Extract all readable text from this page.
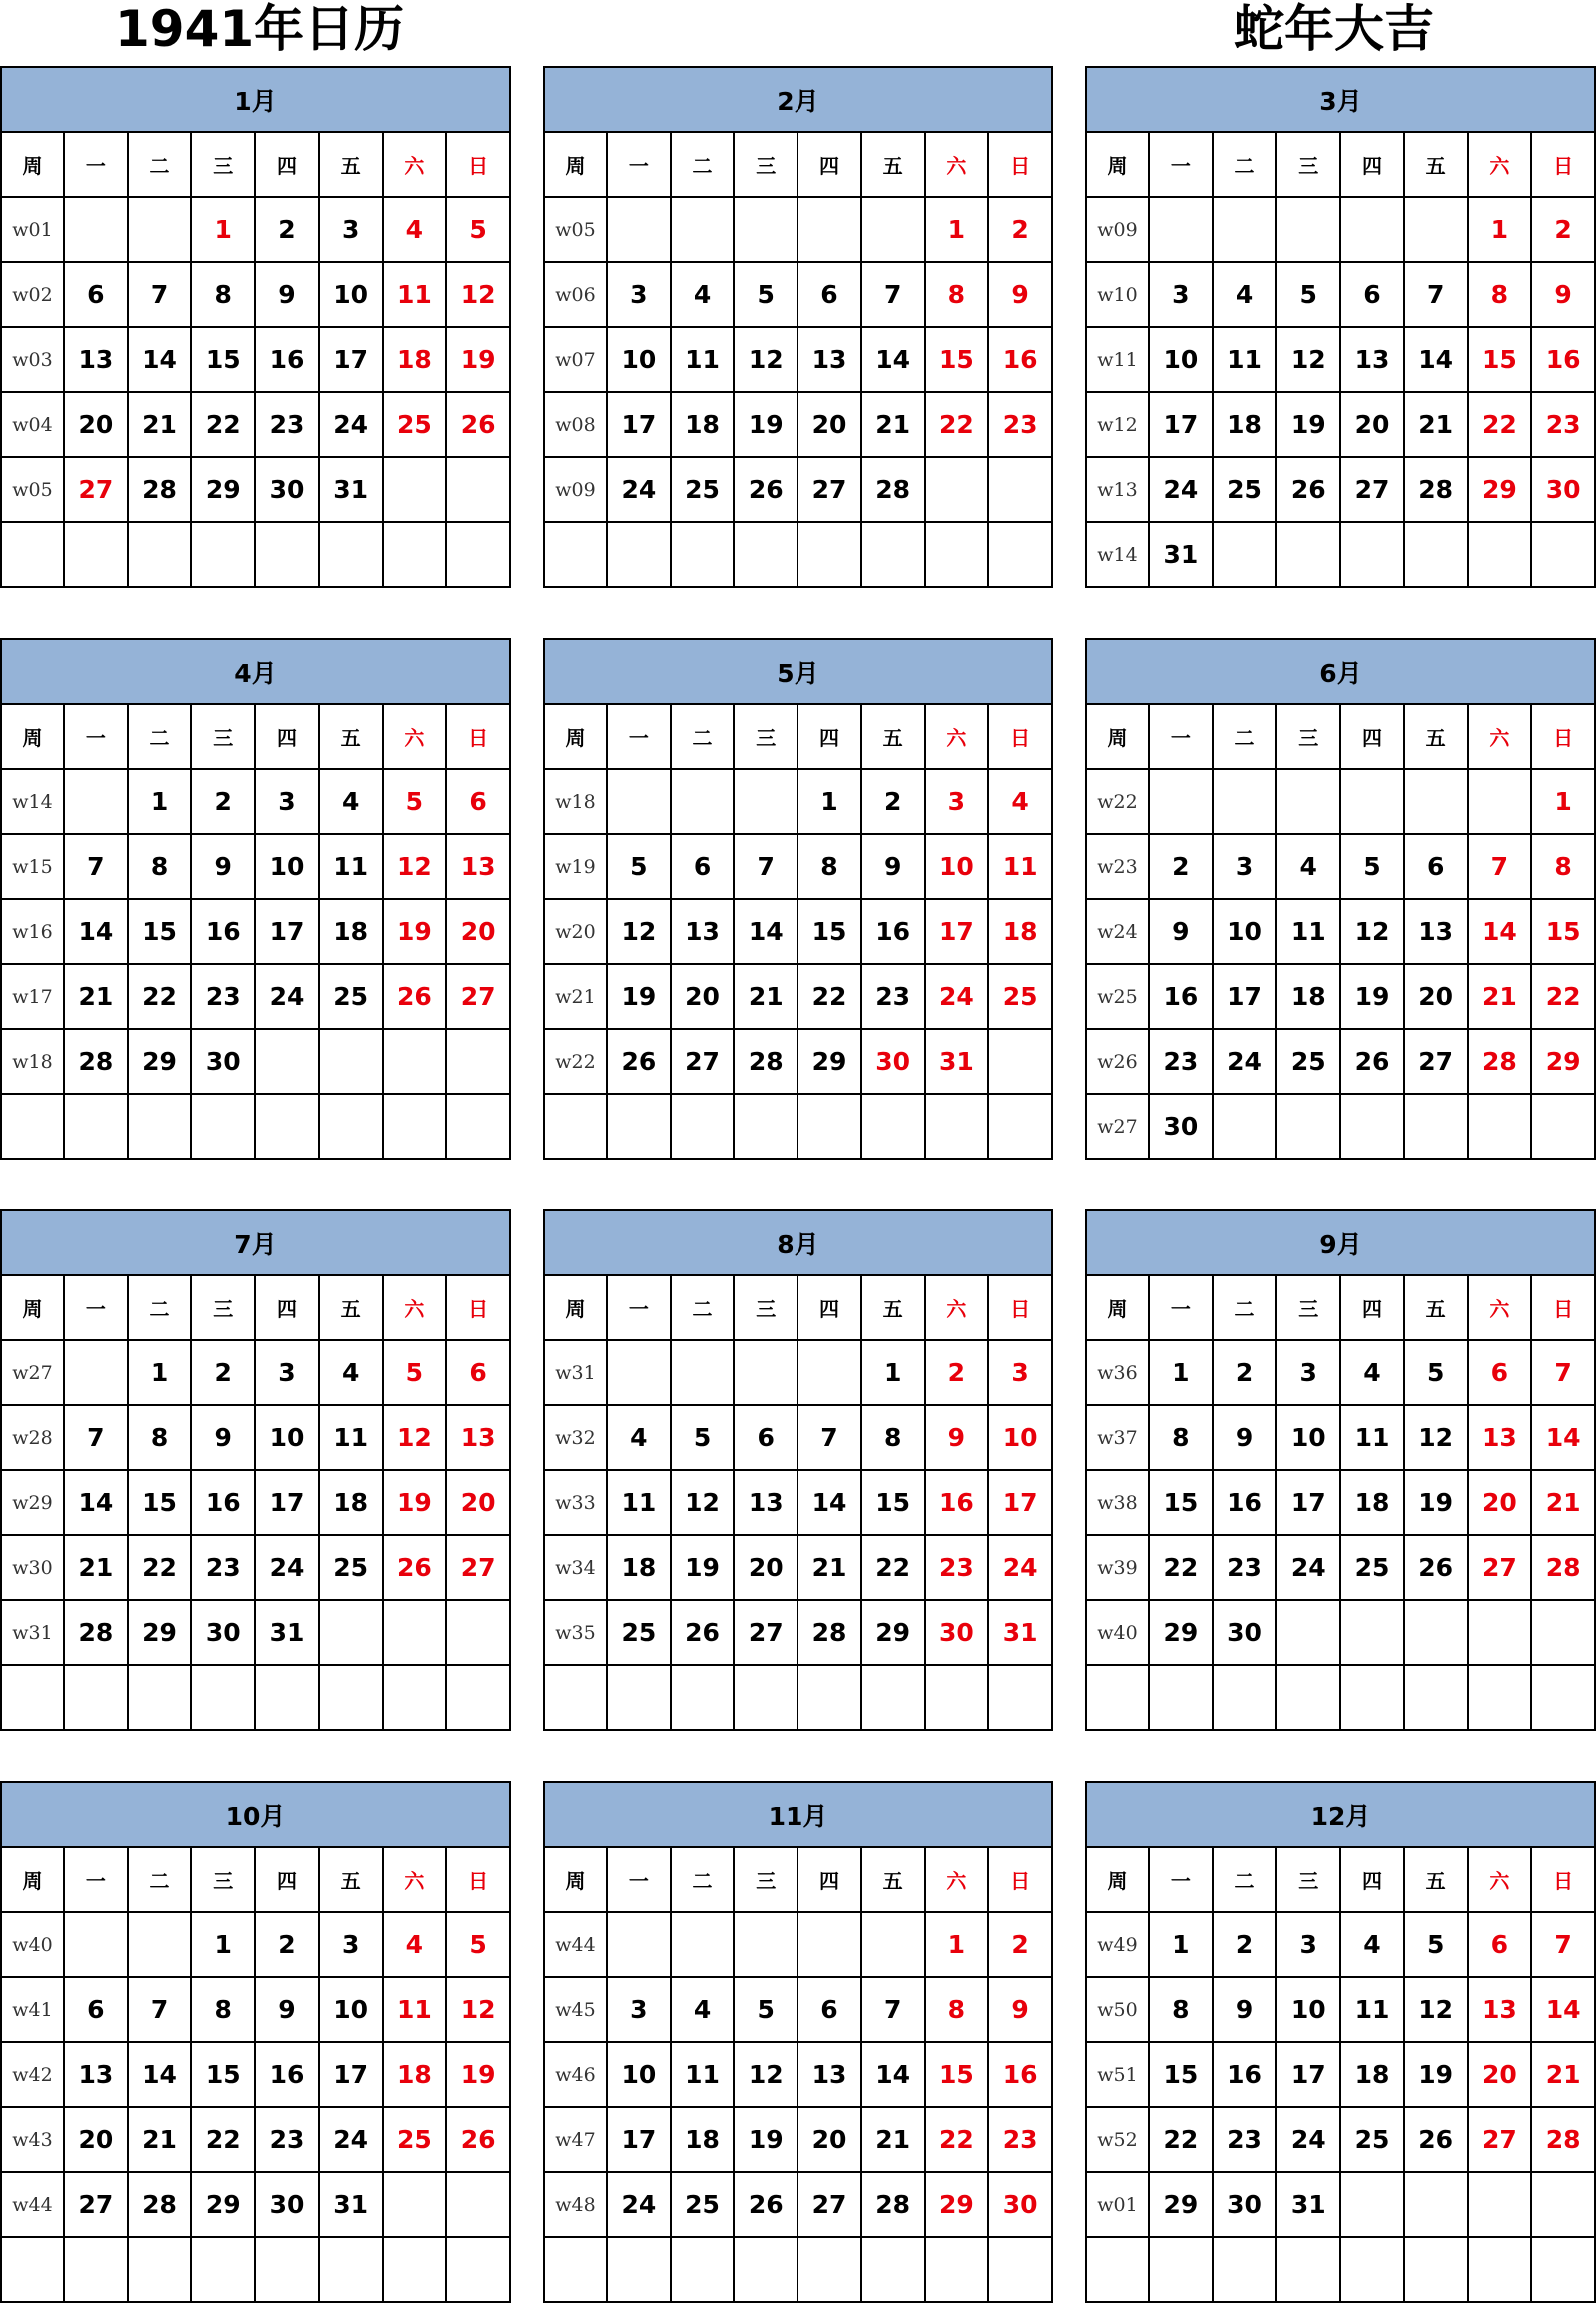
1941年日历	蛇年大吉
1月							
周	一	二	三	四	五	六	日
w01			1	2	3	4	5
w02	6	7	8	9	10	11	12
w03	13	14	15	16	17	18	19
w04	20	21	22	23	24	25	26
w05	27	28	29	30	31		

2月							
周	一	二	三	四	五	六	日
w05						1	2
w06	3	4	5	6	7	8	9
w07	10	11	12	13	14	15	16
w08	17	18	19	20	21	22	23
w09	24	25	26	27	28		

3月							
周	一	二	三	四	五	六	日
w09						1	2
w10	3	4	5	6	7	8	9
w11	10	11	12	13	14	15	16
w12	17	18	19	20	21	22	23
w13	24	25	26	27	28	29	30
w14	31						
4月							
周	一	二	三	四	五	六	日
w14		1	2	3	4	5	6
w15	7	8	9	10	11	12	13
w16	14	15	16	17	18	19	20
w17	21	22	23	24	25	26	27
w18	28	29	30				

5月							
周	一	二	三	四	五	六	日
w18				1	2	3	4
w19	5	6	7	8	9	10	11
w20	12	13	14	15	16	17	18
w21	19	20	21	22	23	24	25
w22	26	27	28	29	30	31	

6月							
周	一	二	三	四	五	六	日
w22							1
w23	2	3	4	5	6	7	8
w24	9	10	11	12	13	14	15
w25	16	17	18	19	20	21	22
w26	23	24	25	26	27	28	29
w27	30						
7月							
周	一	二	三	四	五	六	日
w27		1	2	3	4	5	6
w28	7	8	9	10	11	12	13
w29	14	15	16	17	18	19	20
w30	21	22	23	24	25	26	27
w31	28	29	30	31			

8月							
周	一	二	三	四	五	六	日
w31					1	2	3
w32	4	5	6	7	8	9	10
w33	11	12	13	14	15	16	17
w34	18	19	20	21	22	23	24
w35	25	26	27	28	29	30	31

9月							
周	一	二	三	四	五	六	日
w36	1	2	3	4	5	6	7
w37	8	9	10	11	12	13	14
w38	15	16	17	18	19	20	21
w39	22	23	24	25	26	27	28
w40	29	30					

10月							
周	一	二	三	四	五	六	日
w40			1	2	3	4	5
w41	6	7	8	9	10	11	12
w42	13	14	15	16	17	18	19
w43	20	21	22	23	24	25	26
w44	27	28	29	30	31		

11月							
周	一	二	三	四	五	六	日
w44						1	2
w45	3	4	5	6	7	8	9
w46	10	11	12	13	14	15	16
w47	17	18	19	20	21	22	23
w48	24	25	26	27	28	29	30

12月							
周	一	二	三	四	五	六	日
w49	1	2	3	4	5	6	7
w50	8	9	10	11	12	13	14
w51	15	16	17	18	19	20	21
w52	22	23	24	25	26	27	28
w01	29	30	31				
